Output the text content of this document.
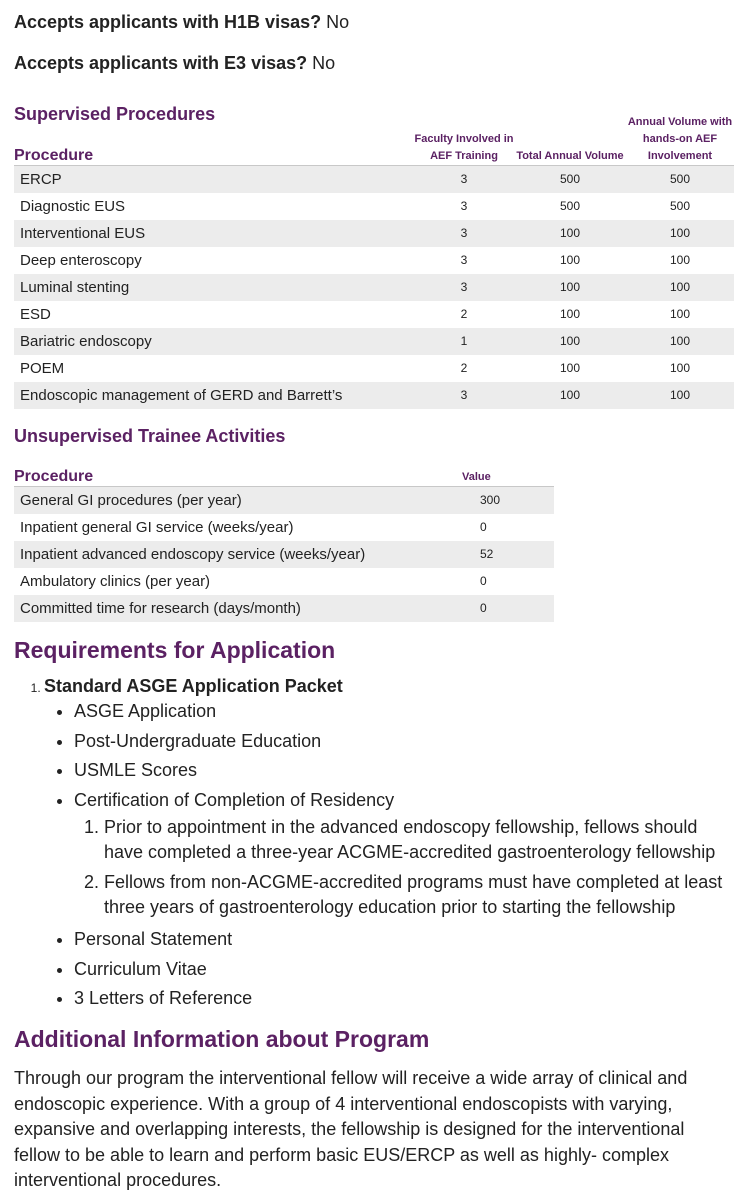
Accepts applicants with H1B visas? No
Accepts applicants with E3 visas? No
Supervised Procedures
Procedure	Faculty Involved in AEF Training	Total Annual Volume	Annual Volume with hands-on AEF Involvement
ERCP	3	500	500
Diagnostic EUS	3	500	500
Interventional EUS	3	100	100
Deep enteroscopy	3	100	100
Luminal stenting	3	100	100
ESD	2	100	100
Bariatric endoscopy	1	100	100
POEM	2	100	100
Endoscopic management of GERD and Barrett’s	3	100	100
Unsupervised Trainee Activities
Procedure	Value
General GI procedures (per year)	300
Inpatient general GI service (weeks/year)	0
Inpatient advanced endoscopy service (weeks/year)	52
Ambulatory clinics (per year)	0
Committed time for research (days/month)	0
Requirements for Application
1. Standard ASGE Application Packet
• ASGE Application
• Post-Undergraduate Education
• USMLE Scores
• Certification of Completion of Residency
1. Prior to appointment in the advanced endoscopy fellowship, fellows should have completed a three-year ACGME-accredited gastroenterology fellowship
2. Fellows from non-ACGME-accredited programs must have completed at least three years of gastroenterology education prior to starting the fellowship
• Personal Statement
• Curriculum Vitae
• 3 Letters of Reference
Additional Information about Program
Through our program the interventional fellow will receive a wide array of clinical and endoscopic experience. With a group of 4 interventional endoscopists with varying, expansive and overlapping interests, the fellowship is designed for the interventional fellow to be able to learn and perform basic EUS/ERCP as well as highly- complex interventional procedures.
